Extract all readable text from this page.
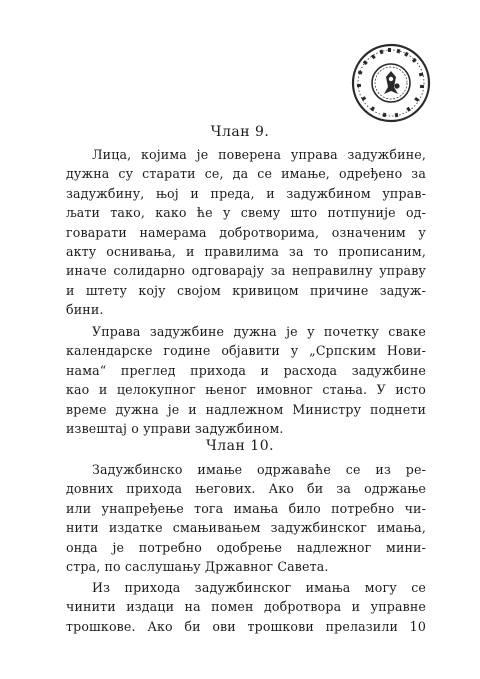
Члан 9.
Лица, којима је поверена управа задужбине,
дужна су старати се, да се имање, одређено за
задужбину, њој и преда, и задужбином управ-
љати тако, како ће у свему што потпуније од-
говарати намерама добротворима, означеним у
акту оснивања, и правилима за то прописаним,
иначе солидарно одговарају за неправилну управу
и штету коју својом кривицом причине задуж-
бини.
Управа задужбине дужна је у почетку сваке
календарске године објавити у „Српским Нови-
нама“ преглед прихода и расхода задужбине
као и целокупног њеног имовног стања. У исто
време дужна је и надлежном Министру поднети
извештај о управи задужбином.
Члан 10.
Задужбинско имање одржаваће се из ре-
довних прихода његових. Ако би за одржање
или унапређење тога имања било потребно чи-
нити издатке смањивањем задужбинског имања,
онда је потребно одобрење надлежног мини-
стра, по саслушању Државног Савета.
Из прихода задужбинског имања могу се
чинити издаци на помен добротвора и управне
трошкове. Ако би ови трошкови прелазили 10
